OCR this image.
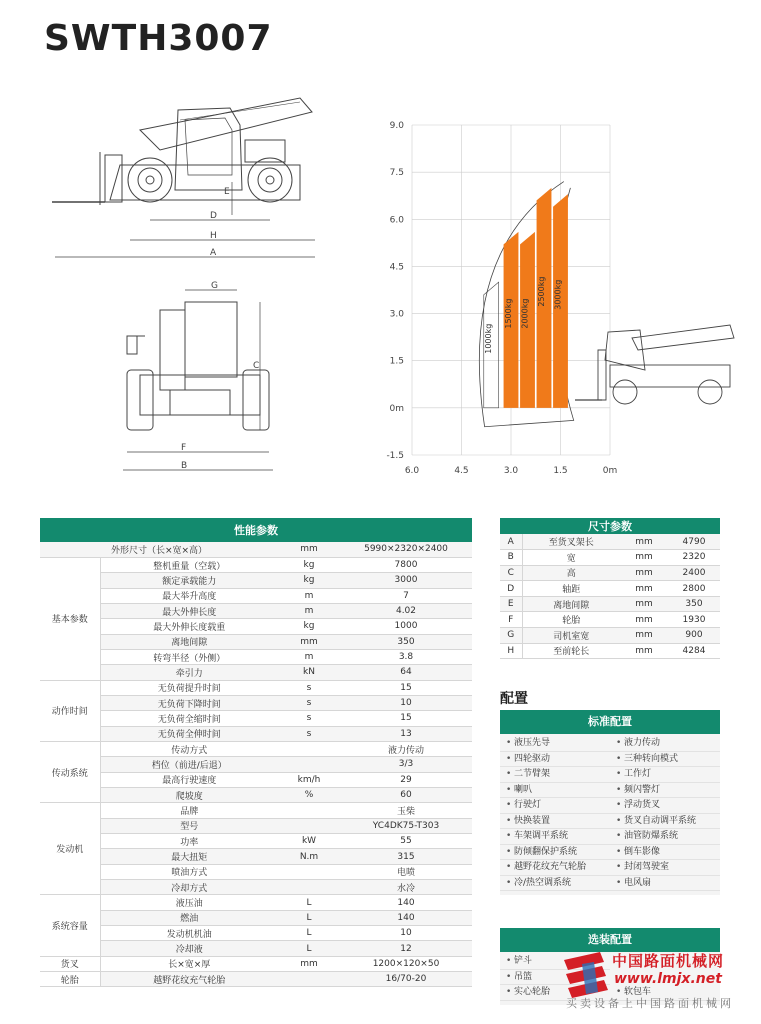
SWTH3007
D
H
A
E
G
C
F
B
9.0
7.5
6.0
4.5
3.0
1.5
0m
-1.5
6.0	4.5	3.0	1.5	0m
1000kg
1500kg 2000kg
2500kg 3000kg
性能参数			
外形尺寸（长×宽×高）		mm	5990×2320×2400
基本参数	整机重量（空载）	kg	7800
	额定承载能力	kg	3000
	最大举升高度	m	7
	最大外伸长度	m	4.02
	最大外伸长度载重	kg	1000
	离地间隙	mm	350
	转弯半径（外侧）	m	3.8
	牵引力	kN	64
动作时间	无负荷提升时间	s	15
	无负荷下降时间	s	10
	无负荷全缩时间	s	15
	无负荷全伸时间	s	13
传动系统	传动方式		液力传动
	档位（前进/后退）		3/3
	最高行驶速度	km/h	29
	爬坡度	%	60
发动机	品牌		玉柴
	型号		YC4DK75-T303
	功率	kW	55
	最大扭矩	N.m	315
	喷油方式		电喷
	冷却方式		水冷
系统容量	液压油	L	140
	燃油	L	140
	发动机机油	L	10
	冷却液	L	12
货叉	长×宽×厚	mm	1200×120×50
轮胎	越野花纹充气轮胎		16/70-20
尺寸参数			
A	至货叉架长	mm	4790
B	宽	mm	2320
C	高	mm	2400
D	轴距	mm	2800
E	离地间隙	mm	350
F	轮胎	mm	1930
G	司机室宽	mm	900
H	至前轮长	mm	4284
配置
标准配置
• 液压先导	• 液力传动
• 四轮驱动	• 三种转向模式
• 二节臂架	• 工作灯
• 喇叭	• 频闪警灯
• 行驶灯	• 浮动货叉
• 快换装置	• 货叉自动调平系统
• 车架调平系统	• 油管防爆系统
• 防倾翻保护系统	• 倒车影像
• 越野花纹充气轮胎	• 封闭驾驶室
• 冷/热空调系统	• 电风扇
选装配置
• 铲斗
• 吊篮
• 实心轮胎	• 软包车
中国路面机械网
www.lmjx.net
买卖设备上中国路面机械网
